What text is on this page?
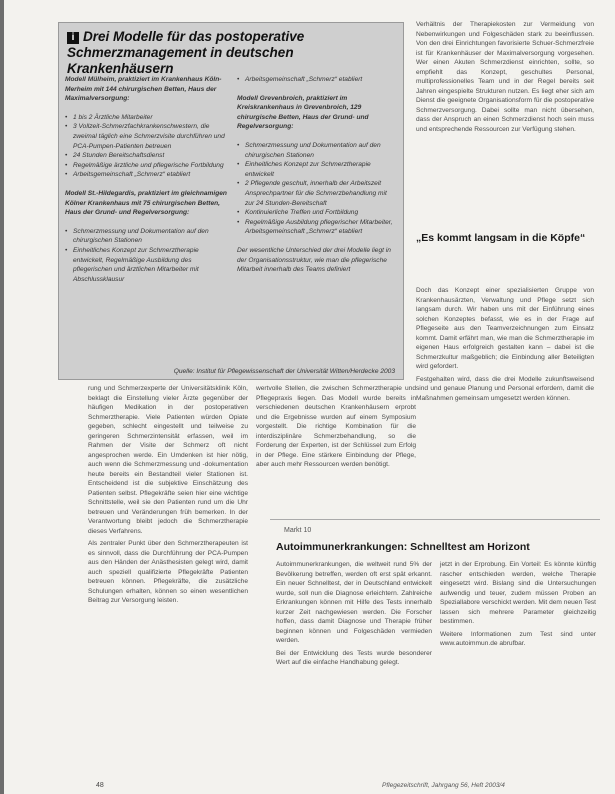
i Drei Modelle für das postoperative Schmerzmanagement in deutschen Krankenhäusern

Modell Mülheim, praktiziert im Krankenhaus Köln-Merheim mit 144 chirurgischen Betten, Haus der Maximalversorgung:

• 1 bis 2 Ärztliche Mitarbeiter
• 3 Vollzeit-Schmerzfachkrankenschwestern, die zweimal täglich eine Schmerzvisite durchführen und PCA-Pumpen-Patienten betreuen
• 24 Stunden Bereitschaftsdienst
• Regelmäßige ärztliche und pflegerische Fortbildung
• Arbeitsgemeinschaft „Schmerz“ etabliert

Modell St.-Hildegardis, praktiziert im gleichnamigen Kölner Krankenhaus mit 75 chirurgischen Betten, Haus der Grund- und Regelversorgung:

• Schmerzmessung und Dokumentation auf den chirurgischen Stationen
• Einheitliches Konzept zur Schmerztherapie entwickelt, Regelmäßige Ausbildung des pflegerischen und ärztlichen Mitarbeiter mit Abschlussklausur
• Arbeitsgemeinschaft „Schmerz“ etabliert

Modell Grevenbroich, praktiziert im Kreiskrankenhaus in Grevenbroich, 129 chirurgische Betten, Haus der Grund- und Regelversorgung:

• Schmerzmessung und Dokumentation auf den chirurgischen Stationen
• Einheitliches Konzept zur Schmerztherapie entwickelt
• 2 Pflegende geschult, innerhalb der Arbeitszeit Ansprechpartner für die Schmerzbehandlung mit zur 24 Stunden-Bereitschaft
• Kontinuierliche Treffen und Fortbildung
• Regelmäßige Ausbildung pflegerischer Mitarbeiter, Arbeitsgemeinschaft „Schmerz“ etabliert

Der wesentliche Unterschied der drei Modelle liegt in der Organisationsstruktur, wie man die pflegerische Mitarbeit innerhalb des Teams definiert

Quelle: Institut für Pflegewissenschaft der Universität Witten/Herdecke 2003

Verhältnis der Therapiekosten zur Vermeidung von Nebenwirkungen und Folgeschäden stark zu beeinflussen. Von den drei Einrichtungen favorisierte Schuer-Schmerzfreie ist für Krankenhäuser der Maximalversorgung vorgesehen. Wer einen Akuten Schmerzdienst einrichten, sollte, so empfiehlt das Konzept, geschultes Personal, multiprofessionelles Team und in der Regel bereits seit Jahren eingespielte Strukturen nutzen. Es liegt eher sich am Dienst die geeignete Organisationsform für die postoperative Schmerzversorgung. Dabei sollte man nicht übersehen, dass der Anspruch an einen Schmerzdienst hoch sein muss und entsprechende Ressourcen zur Verfügung stehen.

„Es kommt langsam in die Köpfe“

Doch das Konzept einer spezialisierten Gruppe von Krankenhausärzten, Verwaltung und Pflege setzt sich langsam durch. Wir haben uns mit der Einführung eines solchen Konzeptes befasst, wie es in der Frage auf Pflegeseite aus den Teamverzeichnungen zum Einsatz kommt. Damit erfährt man, wie man die Schmerztherapie im eigenen Haus erfolgreich gestalten kann – dabei ist die Schmerzkultur maßgeblich; die Einbindung aller Beteiligten wird gefordert.

Festgehalten wird, dass die drei Modelle zukunftsweisend sind und genaue Planung und Personal erfordern, damit die Maßnahmen gemeinsam umgesetzt werden können.

rung und Schmerzexperte der Universitätsklinik Köln, beklagt die Einstellung vieler Ärzte gegenüber der häufigen Medikation in der postoperativen Schmerztherapie. Viele Patienten würden Opiate gegeben, schlecht eingestellt und teilweise zu geringeren Schmerzintensität erfassen, weil im Rahmen der Visite der Schmerz oft nicht angesprochen werde. Ein Umdenken ist hier nötig, auch wenn die Schmerzmessung und -dokumentation heute bereits ein Bestandteil vieler Stationen ist. Entscheidend ist die subjektive Einschätzung des Patienten selbst. Pflegekräfte seien hier eine wichtige Schnittstelle, weil sie den Patienten rund um die Uhr betreuen und Veränderungen früh bemerken. In der Verantwortung bleibt jedoch die Schmerztherapie dieses Verfahrens.

Als zentraler Punkt über den Schmerztherapeuten ist es sinnvoll, dass die Durchführung der PCA-Pumpen aus den Händen der Anästhesisten gelegt wird, damit auch speziell qualifizierte Pflegekräfte Patienten betreuen können. Pflegekräfte, die zusätzliche Schulungen erhalten, können so einen wesentlichen Beitrag zur Versorgung leisten.

wertvolle Stellen, die zwischen Schmerztherapie und Pflegepraxis liegen. Das Modell wurde bereits in verschiedenen deutschen Krankenhäusern erprobt und die Ergebnisse wurden auf einem Symposium vorgestellt. Die richtige Kombination für die interdisziplinäre Schmerzbehandlung, so die Forderung der Experten, ist der Schlüssel zum Erfolg in der Pflege. Eine stärkere Einbindung der Pflege, aber auch mehr Ressourcen werden benötigt.

Markt 10
Autoimmunerkrankungen: Schnelltest am Horizont

Autoimmunerkrankungen, die weltweit rund 5% der Bevölkerung betreffen, werden oft erst spät erkannt. Ein neuer Schnelltest, der in Deutschland entwickelt wurde, soll nun die Diagnose erleichtern. Zahlreiche Erkrankungen können mit Hilfe des Tests innerhalb kurzer Zeit nachgewiesen werden. Die Forscher hoffen, dass damit Diagnose und Therapie früher beginnen können und Folgeschäden vermieden werden.

Bei der Entwicklung des Tests wurde besonderer Wert auf die einfache Handhabung gelegt.

jetzt in der Erprobung. Ein Vorteil: Es könnte künftig rascher entschieden werden, welche Therapie eingesetzt wird. Bislang sind die Untersuchungen aufwendig und teuer, zudem müssen Proben an Speziallabore verschickt werden. Mit dem neuen Test lassen sich mehrere Parameter gleichzeitig bestimmen.

Weitere Informationen zum Test sind unter www.autoimmun.de abrufbar.

48	Pflegezeitschrift, Jahrgang 56, Heft 2003/4
